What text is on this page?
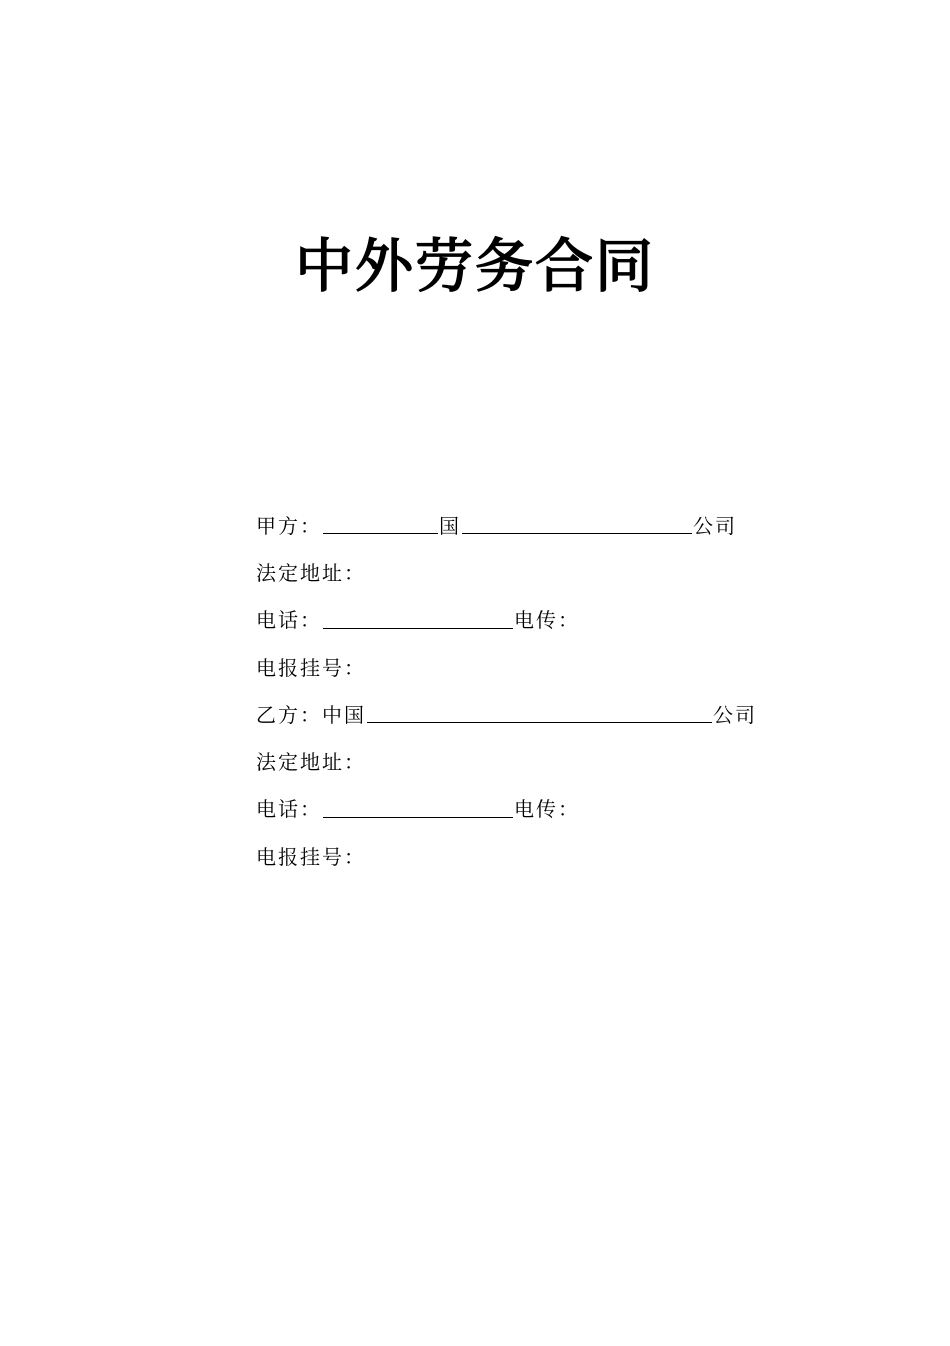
中外劳务合同
甲方：	国	公司
法定地址：
电话：	电传：
电报挂号：
乙方：中国	公司
法定地址：
电话：	电传：
电报挂号：
